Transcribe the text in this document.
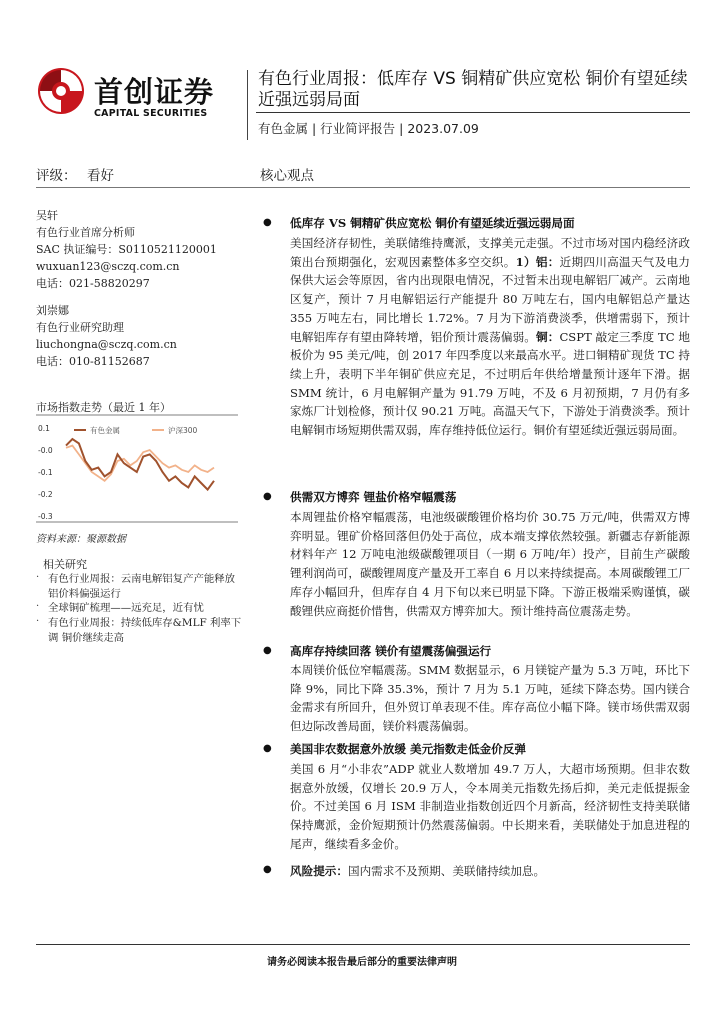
首创证券
CAPITAL SECURITIES
有色行业周报：低库存 VS 铜精矿供应宽松 铜价有望延续近强远弱局面
有色金属 | 行业简评报告 | 2023.07.09
评级： 看好	核心观点
吴轩
有色行业首席分析师
SAC 执证编号：S0110521120001
wuxuan123@sczq.com.cn
电话：021-58820297
刘崇娜
有色行业研究助理
liuchongna@sczq.com.cn
电话：010-81152687
市场指数走势（最近 1 年）
0.1
-0.0
-0.1
-0.2
-0.3
有色金属	沪深300
资料来源：聚源数据
相关研究
· 有色行业周报：云南电解铝复产产能释放 铝价料偏强运行
· 全球铜矿梳理——远充足，近有忧
· 有色行业周报：持续低库存&MLF 利率下调 铜价继续走高
● 低库存 VS 铜精矿供应宽松 铜价有望延续近强远弱局面
美国经济存韧性，美联储维持鹰派，支撑美元走强。不过市场对国内稳经济政策出台预期强化，宏观因素整体多空交织。1）铝：近期四川高温天气及电力保供大运会等原因，省内出现限电情况，不过暂未出现电解铝厂减产。云南地区复产，预计 7 月电解铝运行产能提升 80 万吨左右，国内电解铝总产量达 355 万吨左右，同比增长 1.72%。7 月为下游消费淡季，供增需弱下，预计电解铝库存有望由降转增，铝价预计震荡偏弱。铜：CSPT 敲定三季度 TC 地板价为 95 美元/吨，创 2017 年四季度以来最高水平。进口铜精矿现货 TC 持续上升，表明下半年铜矿供应充足，不过明后年供给增量预计逐年下滑。据 SMM 统计，6 月电解铜产量为 91.79 万吨，不及 6 月初预期，7 月仍有多家炼厂计划检修，预计仅 90.21 万吨。高温天气下，下游处于消费淡季。预计电解铜市场短期供需双弱，库存维持低位运行。铜价有望延续近强远弱局面。
● 供需双方博弈 锂盐价格窄幅震荡
本周锂盐价格窄幅震荡，电池级碳酸锂价格均价 30.75 万元/吨，供需双方博弈明显。锂矿价格回落但仍处于高位，成本端支撑依然较强。新疆志存新能源材料年产 12 万吨电池级碳酸锂项目（一期 6 万吨/年）投产，目前生产碳酸锂利润尚可，碳酸锂周度产量及开工率自 6 月以来持续提高。本周碳酸锂工厂库存小幅回升，但库存自 4 月下旬以来已明显下降。下游正极端采购谨慎，碳酸锂供应商挺价惜售，供需双方博弈加大。预计维持高位震荡走势。
● 高库存持续回落 镁价有望震荡偏强运行
本周镁价低位窄幅震荡。SMM 数据显示，6 月镁锭产量为 5.3 万吨，环比下降 9%，同比下降 35.3%，预计 7 月为 5.1 万吨，延续下降态势。国内镁合金需求有所回升，但外贸订单表现不佳。库存高位小幅下降。镁市场供需双弱但边际改善局面，镁价料震荡偏弱。
● 美国非农数据意外放缓 美元指数走低金价反弹
美国 6 月“小非农”ADP 就业人数增加 49.7 万人，大超市场预期。但非农数据意外放缓，仅增长 20.9 万人，令本周美元指数先扬后抑，美元走低提振金价。不过美国 6 月 ISM 非制造业指数创近四个月新高，经济韧性支持美联储保持鹰派，金价短期预计仍然震荡偏弱。中长期来看，美联储处于加息进程的尾声，继续看多金价。
● 风险提示：国内需求不及预期、美联储持续加息。
请务必阅读本报告最后部分的重要法律声明
